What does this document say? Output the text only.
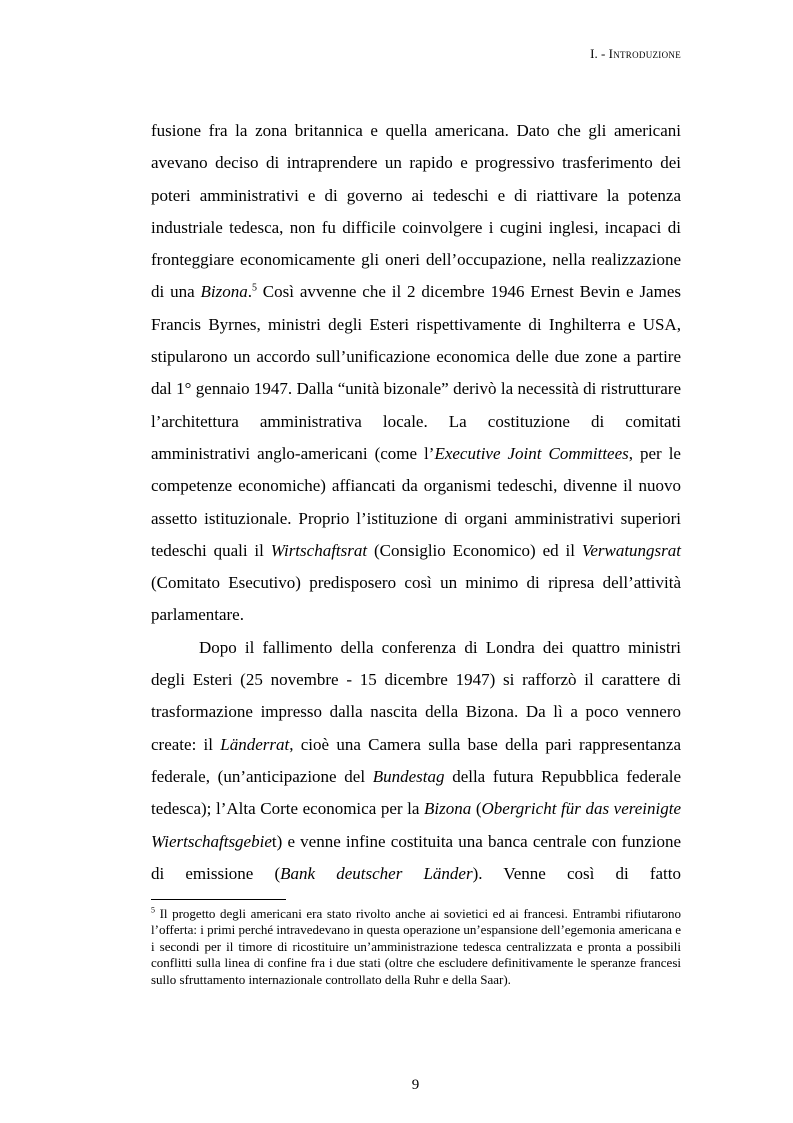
I. - Introduzione

fusione fra la zona britannica e quella americana. Dato che gli americani avevano deciso di intraprendere un rapido e progressivo trasferimento dei poteri amministrativi e di governo ai tedeschi e di riattivare la potenza industriale tedesca, non fu difficile coinvolgere i cugini inglesi, incapaci di fronteggiare economicamente gli oneri dell’occupazione, nella realizzazione di una Bizona.$^5$ Così avvenne che il 2 dicembre 1946 Ernest Bevin e James Francis Byrnes, ministri degli Esteri rispettivamente di Inghilterra e USA, stipularono un accordo sull’unificazione economica delle due zone a partire dal 1° gennaio 1947. Dalla “unità bizonale” derivò la necessità di ristrutturare l’architettura amministrativa locale. La costituzione di comitati amministrativi anglo-americani (come l’Executive Joint Committees, per le competenze economiche) affiancati da organismi tedeschi, divenne il nuovo assetto istituzionale. Proprio l’istituzione di organi amministrativi superiori tedeschi quali il Wirtschaftsrat (Consiglio Economico) ed il Verwatungsrat (Comitato Esecutivo) predisposero così un minimo di ripresa dell’attività parlamentare.

Dopo il fallimento della conferenza di Londra dei quattro ministri degli Esteri (25 novembre - 15 dicembre 1947) si rafforzò il carattere di trasformazione impresso dalla nascita della Bizona. Da lì a poco vennero create: il Länderrat, cioè una Camera sulla base della pari rappresentanza federale, (un’anticipazione del Bundestag della futura Repubblica federale tedesca); l’Alta Corte economica per la Bizona (Obergricht für das vereinigte Wiertschaftsgebiet) e venne infine costituita una banca centrale con funzione di emissione (Bank deutscher Länder). Venne così di fatto

$^5$ Il progetto degli americani era stato rivolto anche ai sovietici ed ai francesi. Entrambi rifiutarono l’offerta: i primi perché intravedevano in questa operazione un’espansione dell’egemonia americana e i secondi per il timore di ricostituire un’amministrazione tedesca centralizzata e pronta a possibili conflitti sulla linea di confine fra i due stati (oltre che escludere definitivamente le speranze francesi sullo sfruttamento internazionale controllato della Ruhr e della Saar).
9
